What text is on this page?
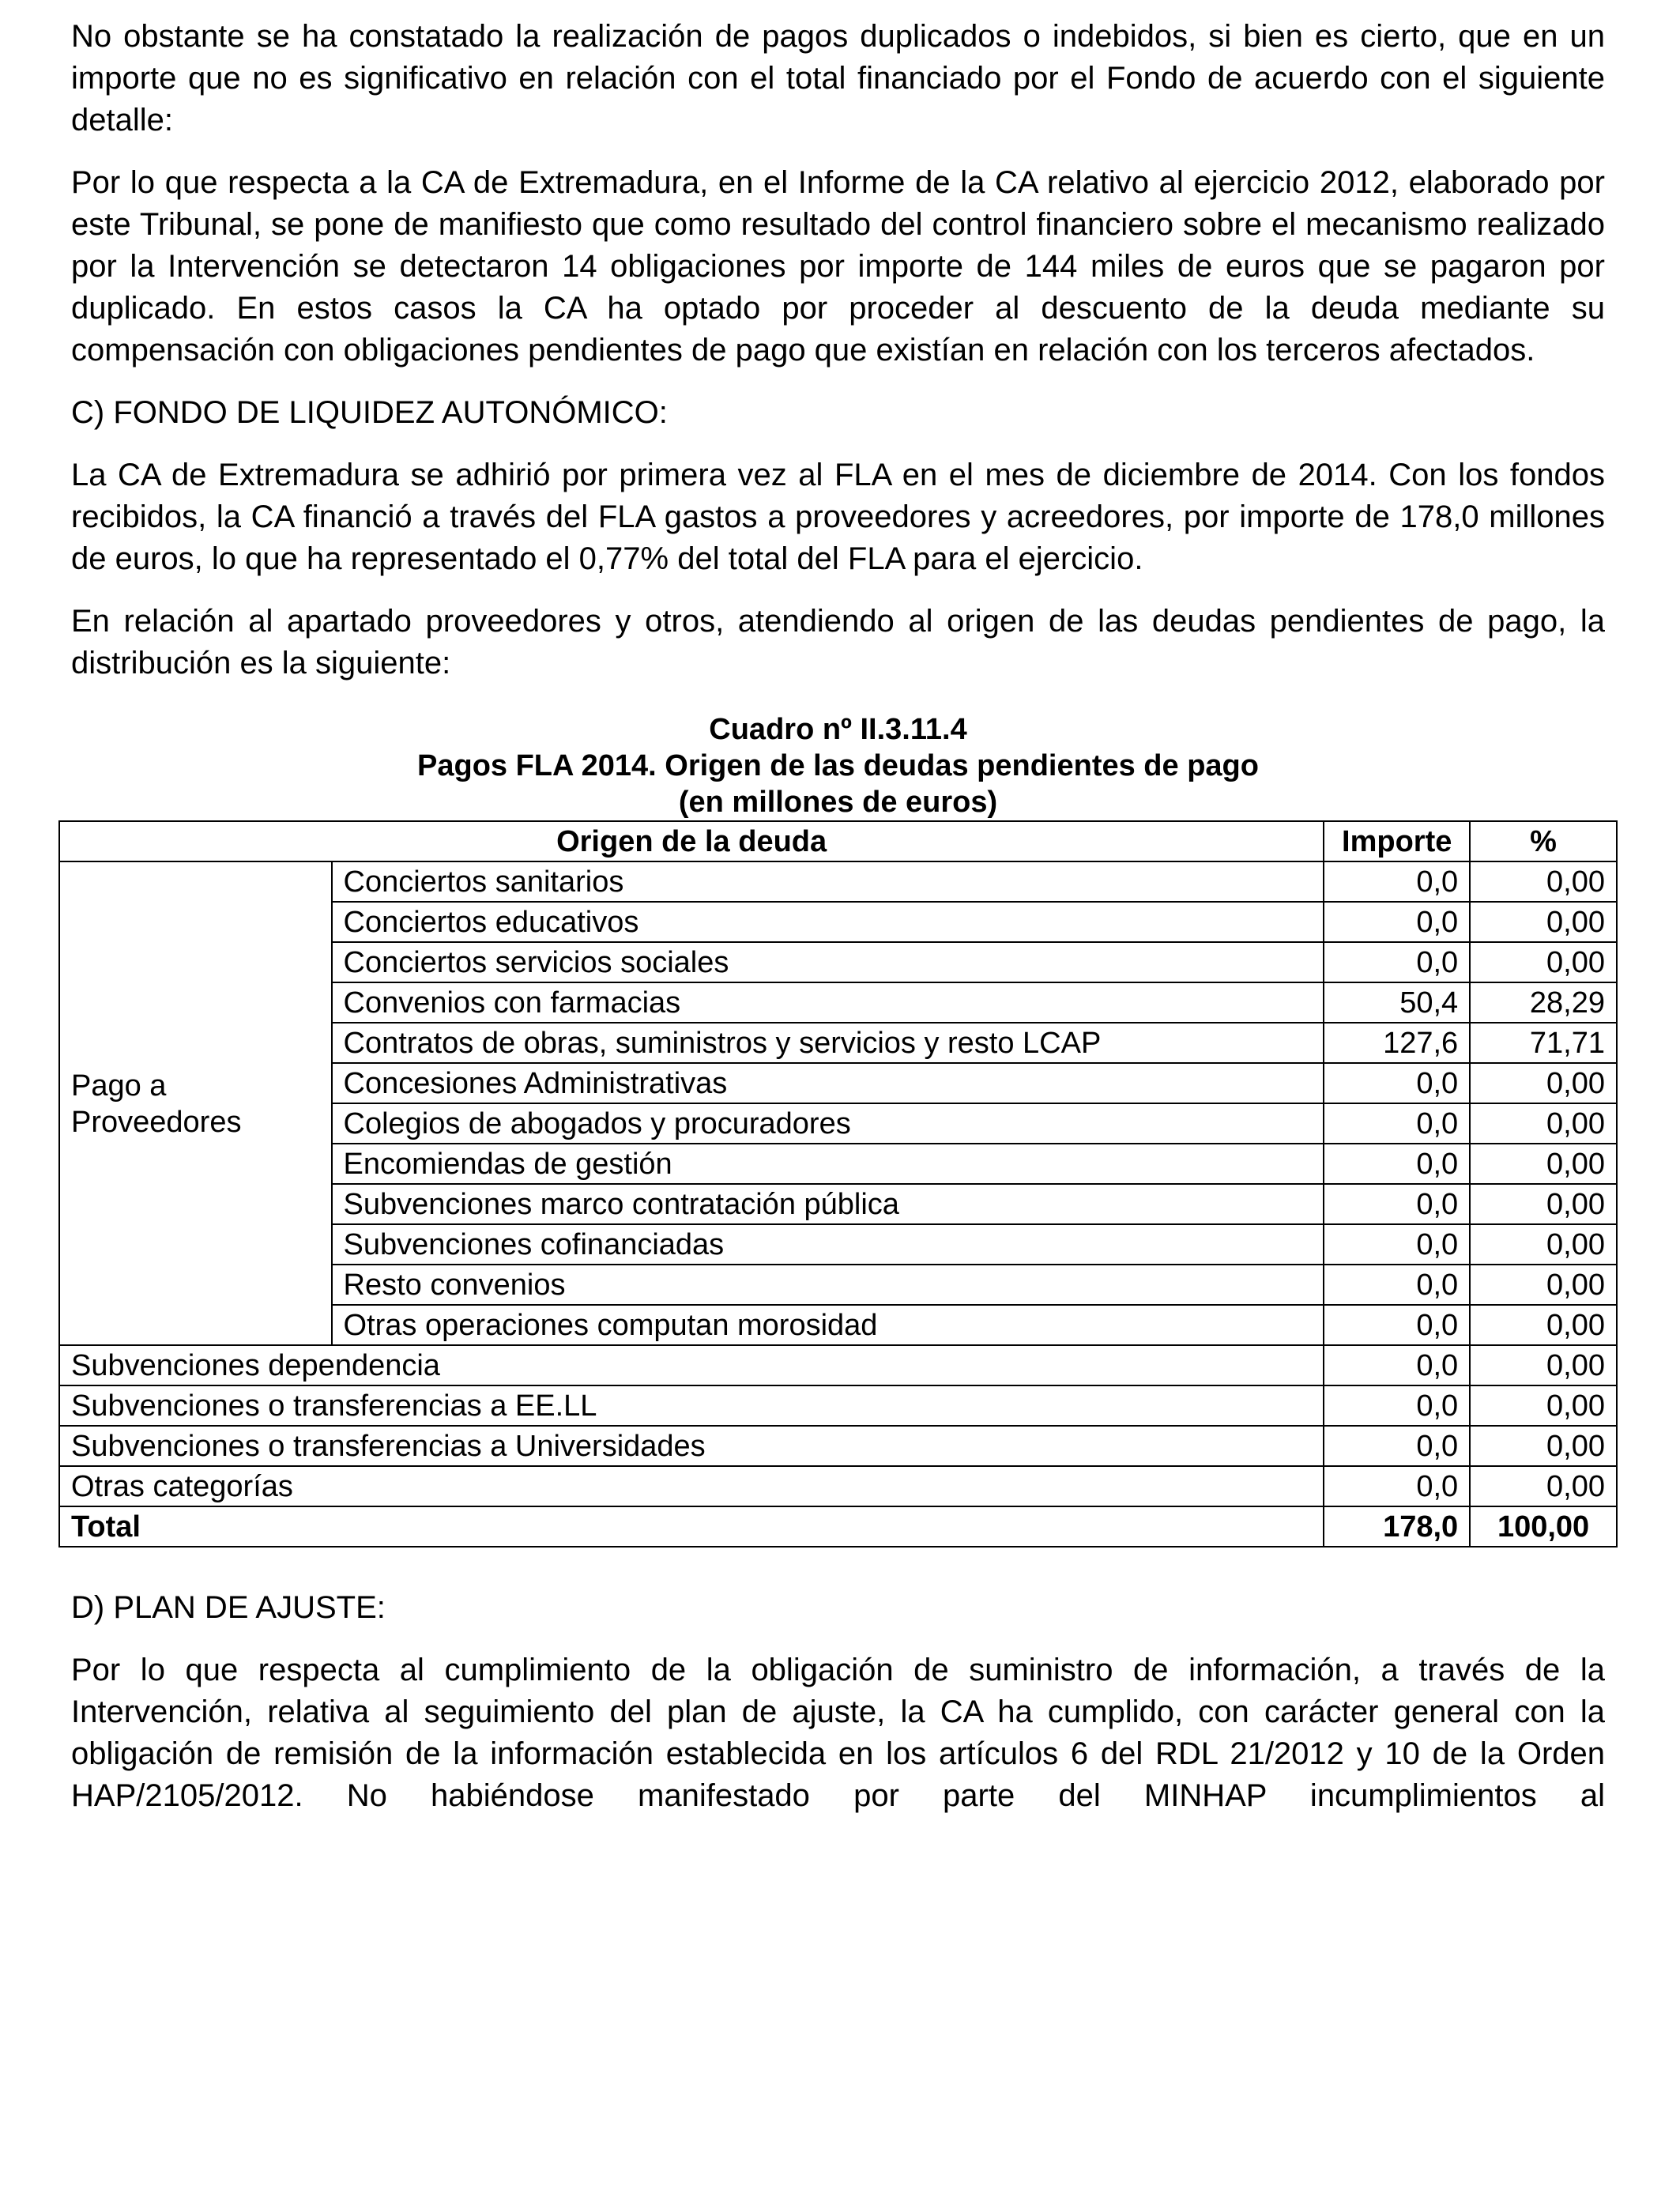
No obstante se ha constatado la realización de pagos duplicados o indebidos, si bien es cierto, que en un importe que no es significativo en relación con el total financiado por el Fondo de acuerdo con el siguiente detalle:

Por lo que respecta a la CA de Extremadura, en el Informe de la CA relativo al ejercicio 2012, elaborado por este Tribunal, se pone de manifiesto que como resultado del control financiero sobre el mecanismo realizado por la Intervención se detectaron 14 obligaciones por importe de 144 miles de euros que se pagaron por duplicado. En estos casos la CA ha optado por proceder al descuento de la deuda mediante su compensación con obligaciones pendientes de pago que existían en relación con los terceros afectados.

C) FONDO DE LIQUIDEZ AUTONÓMICO:

La CA de Extremadura se adhirió por primera vez al FLA en el mes de diciembre de 2014. Con los fondos recibidos, la CA financió a través del FLA gastos a proveedores y acreedores, por importe de 178,0 millones de euros, lo que ha representado el 0,77% del total del FLA para el ejercicio.

En relación al apartado proveedores y otros, atendiendo al origen de las deudas pendientes de pago, la distribución es la siguiente:

Cuadro nº II.3.11.4
Pagos FLA 2014. Origen de las deudas pendientes de pago
(en millones de euros)
Origen de la deuda		Importe	%

Pago a
Proveedores	Conciertos sanitarios	0,0	0,00
	Conciertos educativos	0,0	0,00
	Conciertos servicios sociales	0,0	0,00
	Convenios con farmacias	50,4	28,29
	Contratos de obras, suministros y servicios y resto LCAP	127,6	71,71
	Concesiones Administrativas	0,0	0,00
	Colegios de abogados y procuradores	0,0	0,00
	Encomiendas de gestión	0,0	0,00
	Subvenciones marco contratación pública	0,0	0,00
	Subvenciones cofinanciadas	0,0	0,00
	Resto convenios	0,0	0,00
	Otras operaciones computan morosidad	0,0	0,00
Subvenciones dependencia		0,0	0,00
Subvenciones o transferencias a EE.LL		0,0	0,00
Subvenciones o transferencias a Universidades		0,0	0,00
Otras categorías		0,0	0,00
Total		178,0	100,00
D) PLAN DE AJUSTE:

Por lo que respecta al cumplimiento de la obligación de suministro de información, a través de la Intervención, relativa al seguimiento del plan de ajuste, la CA ha cumplido, con carácter general con la obligación de remisión de la información establecida en los artículos 6 del RDL 21/2012 y 10 de la Orden HAP/2105/2012. No habiéndose manifestado por parte del MINHAP incumplimientos al
